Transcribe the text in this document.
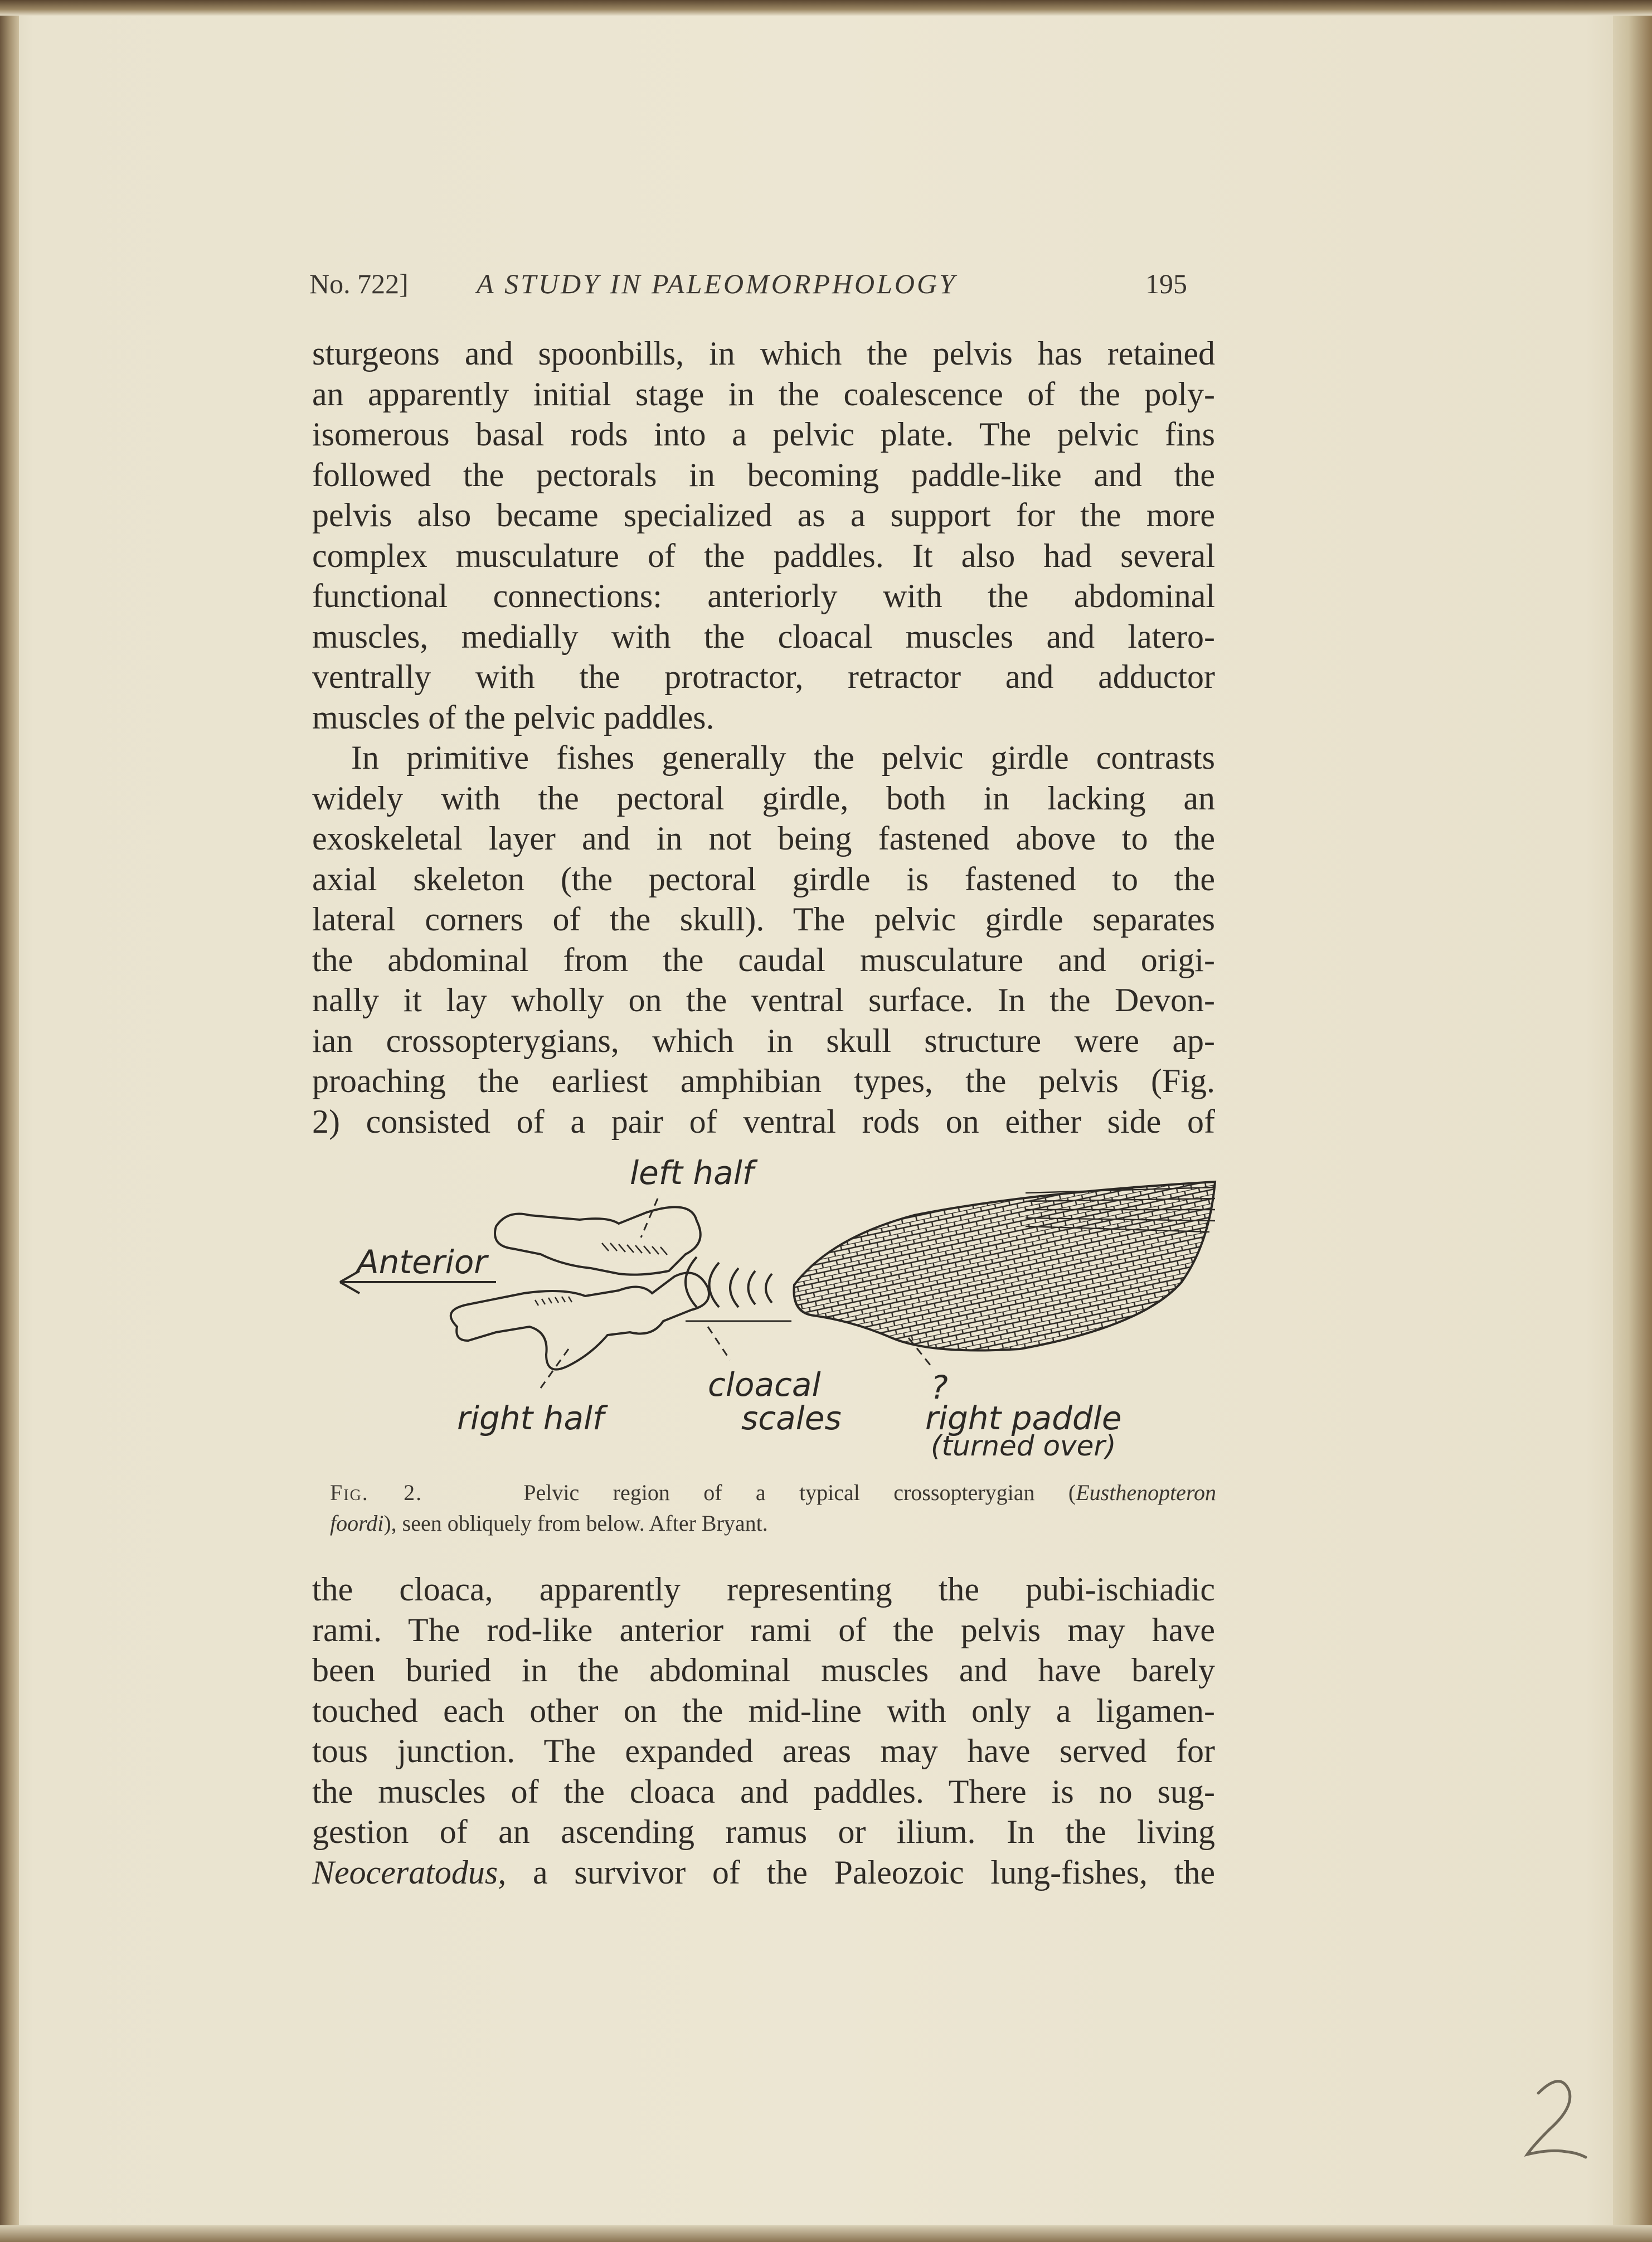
No. 722] A STUDY IN PALEOMORPHOLOGY	195
sturgeons and spoonbills, in which the pelvis has retained
an apparently initial stage in the coalescence of the poly-
isomerous basal rods into a pelvic plate. The pelvic fins
followed the pectorals in becoming paddle-like and the
pelvis also became specialized as a support for the more
complex musculature of the paddles. It also had several
functional connections: anteriorly with the abdominal
muscles, medially with the cloacal muscles and latero-
ventrally with the protractor, retractor and adductor
muscles of the pelvic paddles.
In primitive fishes generally the pelvic girdle contrasts
widely with the pectoral girdle, both in lacking an
exoskeletal layer and in not being fastened above to the
axial skeleton (the pectoral girdle is fastened to the
lateral corners of the skull). The pelvic girdle separates
the abdominal from the caudal musculature and origi-
nally it lay wholly on the ventral surface. In the Devon-
ian crossopterygians, which in skull structure were ap-
proaching the earliest amphibian types, the pelvis (Fig.
2) consisted of a pair of ventral rods on either side of
left half
Anterior
right half
cloacal
scales
?
right paddle
(turned over)
Fig. 2.	Pelvic region of a typical crossopterygian (Eusthenopteron
foordi), seen obliquely from below. After Bryant.
the cloaca, apparently representing the pubi-ischiadic
rami. The rod-like anterior rami of the pelvis may have
been buried in the abdominal muscles and have barely
touched each other on the mid-line with only a ligamen-
tous junction. The expanded areas may have served for
the muscles of the cloaca and paddles. There is no sug-
gestion of an ascending ramus or ilium. In the living
Neoceratodus, a survivor of the Paleozoic lung-fishes, the
